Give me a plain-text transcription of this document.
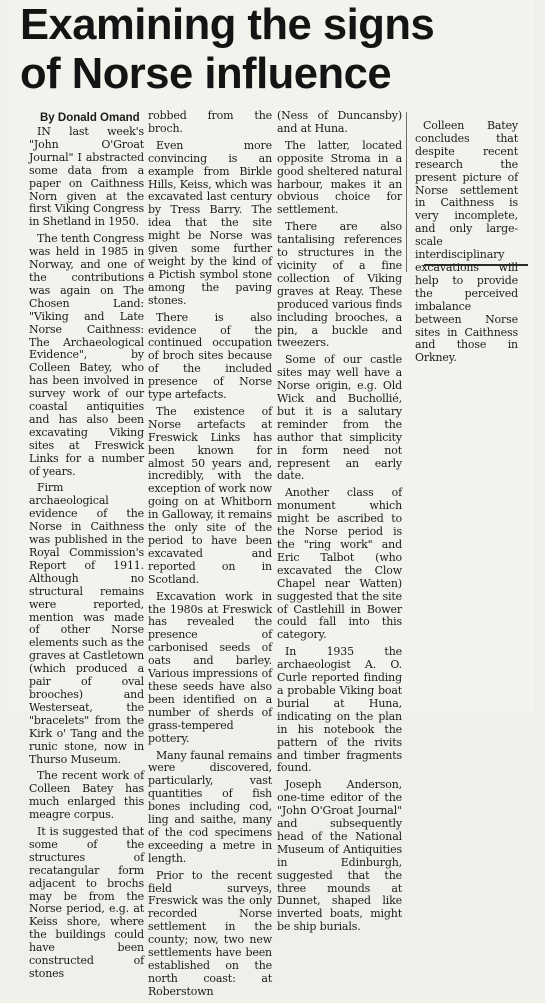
Examining the signs
of Norse influence
By Donald Omand

IN last week's "John O'Groat Journal" I abstracted some data from a paper on Caithness Norn given at the first Viking Congress in Shetland in 1950.

The tenth Congress was held in 1985 in Norway, and one of the contributions was again on The Chosen Land: "Viking and Late Norse Caithness: The Archaeological Evidence", by Colleen Batey, who has been involved in survey work of our coastal antiquities and has also been excavating Viking sites at Freswick Links for a number of years.

Firm archaeological evidence of the Norse in Caithness was published in the Royal Commission's Report of 1911. Although no structural remains were reported, mention was made of other Norse elements such as the graves at Castletown (which produced a pair of oval brooches) and Westerseat, the "bracelets" from the Kirk o' Tang and the runic stone, now in Thurso Museum.

The recent work of Colleen Batey has much enlarged this meagre corpus.

It is suggested that some of the structures of recatangular form adjacent to brochs may be from the Norse period, e.g. at Keiss shore, where the buildings could have been constructed of stones

robbed from the broch.

Even more convincing is an example from Birkle Hills, Keiss, which was excavated last century by Tress Barry. The idea that the site might be Norse was given some further weight by the kind of a Pictish symbol stone among the paving stones.

There is also evidence of the continued occupation of broch sites because of the included presence of Norse type artefacts.

The existence of Norse artefacts at Freswick Links has been known for almost 50 years and, incredibly, with the exception of work now going on at Whitborn in Galloway, it remains the only site of the period to have been excavated and reported on in Scotland.

Excavation work in the 1980s at Freswick has revealed the presence of carbonised seeds of oats and barley. Various impressions of these seeds have also been identified on a number of sherds of grass-tempered pottery.

Many faunal remains were discovered, particularly, vast quantities of fish bones including cod, ling and saithe, many of the cod specimens exceeding a metre in length.

Prior to the recent field surveys, Freswick was the only recorded Norse settlement in the county; now, two new settlements have been established on the north coast: at Roberstown

(Ness of Duncansby) and at Huna.

The latter, located opposite Stroma in a good sheltered natural harbour, makes it an obvious choice for settlement.

There are also tantalising references to structures in the vicinity of a fine collection of Viking graves at Reay. These produced various finds including brooches, a pin, a buckle and tweezers.

Some of our castle sites may well have a Norse origin, e.g. Old Wick and Buchollié, but it is a salutary reminder from the author that simplicity in form need not represent an early date.

Another class of monument which might be ascribed to the Norse period is the "ring work" and Eric Talbot (who excavated the Clow Chapel near Watten) suggested that the site of Castlehill in Bower could fall into this category.

In 1935 the archaeologist A. O. Curle reported finding a probable Viking boat burial at Huna, indicating on the plan in his notebook the pattern of the rivits and timber fragments found.

Joseph Anderson, one-time editor of the "John O'Groat Journal" and subsequently head of the National Museum of Antiquities in Edinburgh, suggested that the three mounds at Dunnet, shaped like inverted boats, might be ship burials.

Colleen Batey concludes that despite recent research the present picture of Norse settlement in Caithness is very incomplete, and only large-scale interdisciplinary excavations will help to provide the perceived imbalance between Norse sites in Caithness and those in Orkney.
